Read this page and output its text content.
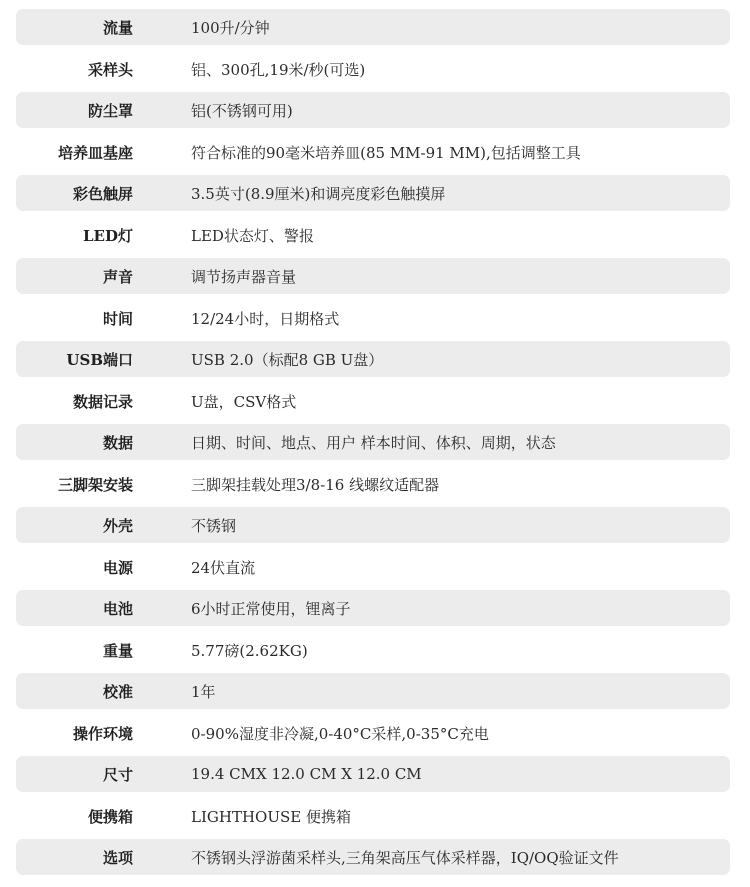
流量	100升/分钟
采样头	铝、300孔,19米/秒(可选)
防尘罩	铝(不锈钢可用)
培养皿基座	符合标准的90毫米培养皿(85 MM-91 MM),包括调整工具
彩色触屏	3.5英寸(8.9厘米)和调亮度彩色触摸屏
LED灯	LED状态灯、警报
声音	调节扬声器音量
时间	12/24小时，日期格式
USB端口	USB 2.0（标配8 GB U盘）
数据记录	U盘，CSV格式
数据	日期、时间、地点、用户 样本时间、体积、周期，状态
三脚架安装	三脚架挂载处理3/8-16 线螺纹适配器
外壳	不锈钢
电源	24伏直流
电池	6小时正常使用，锂离子
重量	5.77磅(2.62KG)
校准	1年
操作环境	0-90%湿度非冷凝,0-40°C采样,0-35°C充电
尺寸	19.4 CMX 12.0 CM X 12.0 CM
便携箱	LIGHTHOUSE 便携箱
选项	不锈钢头浮游菌采样头,三角架高压气体采样器，IQ/OQ验证文件
